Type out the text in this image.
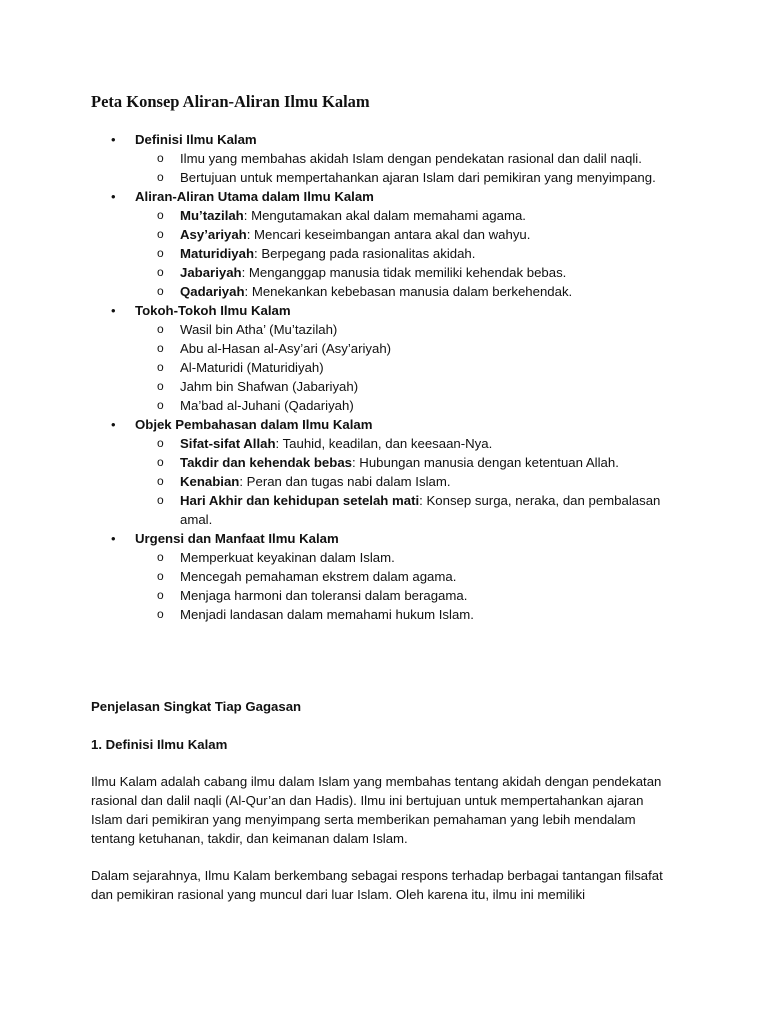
Peta Konsep Aliran-Aliran Ilmu Kalam
• Definisi Ilmu Kalam
o Ilmu yang membahas akidah Islam dengan pendekatan rasional dan dalil naqli.
o Bertujuan untuk mempertahankan ajaran Islam dari pemikiran yang menyimpang.
• Aliran-Aliran Utama dalam Ilmu Kalam
o Mu’tazilah: Mengutamakan akal dalam memahami agama.
o Asy’ariyah: Mencari keseimbangan antara akal dan wahyu.
o Maturidiyah: Berpegang pada rasionalitas akidah.
o Jabariyah: Menganggap manusia tidak memiliki kehendak bebas.
o Qadariyah: Menekankan kebebasan manusia dalam berkehendak.
• Tokoh-Tokoh Ilmu Kalam
o Wasil bin Atha’ (Mu’tazilah)
o Abu al-Hasan al-Asy’ari (Asy’ariyah)
o Al-Maturidi (Maturidiyah)
o Jahm bin Shafwan (Jabariyah)
o Ma’bad al-Juhani (Qadariyah)
• Objek Pembahasan dalam Ilmu Kalam
o Sifat-sifat Allah: Tauhid, keadilan, dan keesaan-Nya.
o Takdir dan kehendak bebas: Hubungan manusia dengan ketentuan Allah.
o Kenabian: Peran dan tugas nabi dalam Islam.
o Hari Akhir dan kehidupan setelah mati: Konsep surga, neraka, dan pembalasan amal.
• Urgensi dan Manfaat Ilmu Kalam
o Memperkuat keyakinan dalam Islam.
o Mencegah pemahaman ekstrem dalam agama.
o Menjaga harmoni dan toleransi dalam beragama.
o Menjadi landasan dalam memahami hukum Islam.
Penjelasan Singkat Tiap Gagasan
1. Definisi Ilmu Kalam

Ilmu Kalam adalah cabang ilmu dalam Islam yang membahas tentang akidah dengan pendekatan rasional dan dalil naqli (Al-Qur’an dan Hadis). Ilmu ini bertujuan untuk mempertahankan ajaran Islam dari pemikiran yang menyimpang serta memberikan pemahaman yang lebih mendalam tentang ketuhanan, takdir, dan keimanan dalam Islam.

Dalam sejarahnya, Ilmu Kalam berkembang sebagai respons terhadap berbagai tantangan filsafat dan pemikiran rasional yang muncul dari luar Islam. Oleh karena itu, ilmu ini memiliki
